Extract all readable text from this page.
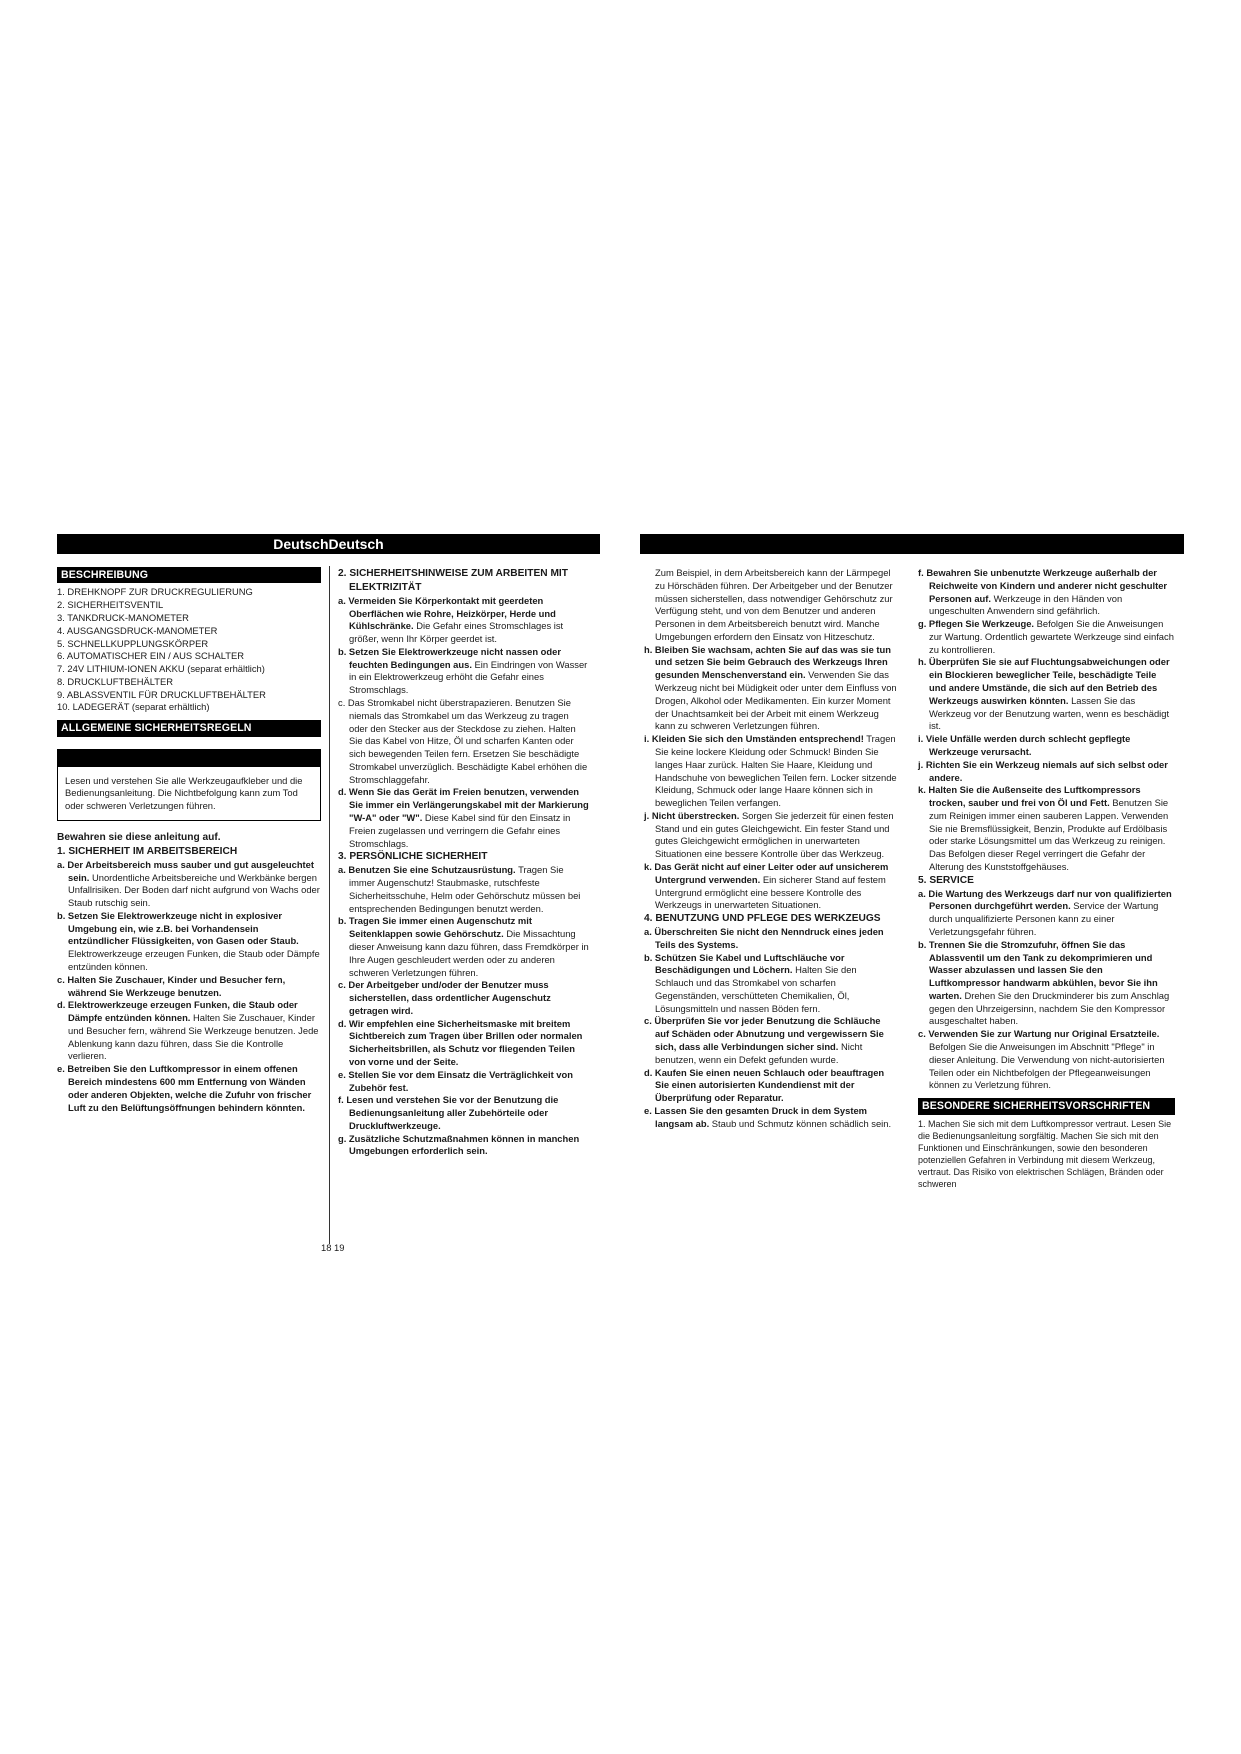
DeutschDeutsch
BESCHREIBUNG

1. DREHKNOPF ZUR DRUCKREGULIERUNG

2. SICHERHEITSVENTIL

3. TANKDRUCK-MANOMETER

4. AUSGANGSDRUCK-MANOMETER

5. SCHNELLKUPPLUNGSKÖRPER

6. AUTOMATISCHER EIN / AUS SCHALTER

7. 24V LITHIUM-IONEN AKKU (separat erhältlich)

8. DRUCKLUFTBEHÄLTER

9. ABLASSVENTIL FÜR DRUCKLUFTBEHÄLTER

10. LADEGERÄT (separat erhältlich)

ALLGEMEINE SICHERHEITSREGELN

Lesen und verstehen Sie alle Werkzeugaufkleber und die Bedienungsanleitung. Die Nichtbefolgung kann zum Tod oder schweren Verletzungen führen.

Bewahren sie diese anleitung auf.

1. SICHERHEIT IM ARBEITSBEREICH

a. Der Arbeitsbereich muss sauber und gut ausgeleuchtet sein. Unordentliche Arbeitsbereiche und Werkbänke bergen Unfallrisiken. Der Boden darf nicht aufgrund von Wachs oder Staub rutschig sein.

b. Setzen Sie Elektrowerkzeuge nicht in explosiver Umgebung ein, wie z.B. bei Vorhandensein entzündlicher Flüssigkeiten, von Gasen oder Staub. Elektrowerkzeuge erzeugen Funken, die Staub oder Dämpfe entzünden können.

c. Halten Sie Zuschauer, Kinder und Besucher fern, während Sie Werkzeuge benutzen.

d. Elektrowerkzeuge erzeugen Funken, die Staub oder Dämpfe entzünden können. Halten Sie Zuschauer, Kinder und Besucher fern, während Sie Werkzeuge benutzen. Jede Ablenkung kann dazu führen, dass Sie die Kontrolle verlieren.

e. Betreiben Sie den Luftkompressor in einem offenen Bereich mindestens 600 mm Entfernung von Wänden oder anderen Objekten, welche die Zufuhr von frischer Luft zu den Belüftungsöffnungen behindern könnten.

18 19

2. SICHERHEITSHINWEISE ZUM ARBEITEN MIT ELEKTRIZITÄT

a. Vermeiden Sie Körperkontakt mit geerdeten Oberflächen wie Rohre, Heizkörper, Herde und Kühlschränke. Die Gefahr eines Stromschlages ist größer, wenn Ihr Körper geerdet ist.

b. Setzen Sie Elektrowerkzeuge nicht nassen oder feuchten Bedingungen aus. Ein Eindringen von Wasser in ein Elektrowerkzeug erhöht die Gefahr eines Stromschlags.

c. Das Stromkabel nicht überstrapazieren. Benutzen Sie niemals das Stromkabel um das Werkzeug zu tragen oder den Stecker aus der Steckdose zu ziehen. Halten Sie das Kabel von Hitze, Öl und scharfen Kanten oder sich bewegenden Teilen fern. Ersetzen Sie beschädigte Stromkabel unverzüglich. Beschädigte Kabel erhöhen die Stromschlaggefahr.

d. Wenn Sie das Gerät im Freien benutzen, verwenden Sie immer ein Verlängerungskabel mit der Markierung "W-A" oder "W". Diese Kabel sind für den Einsatz in Freien zugelassen und verringern die Gefahr eines Stromschlags.

3. PERSÖNLICHE SICHERHEIT

a. Benutzen Sie eine Schutzausrüstung. Tragen Sie immer Augenschutz! Staubmaske, rutschfeste Sicherheitsschuhe, Helm oder Gehörschutz müssen bei entsprechenden Bedingungen benutzt werden.

b. Tragen Sie immer einen Augenschutz mit Seitenklappen sowie Gehörschutz. Die Missachtung dieser Anweisung kann dazu führen, dass Fremdkörper in Ihre Augen geschleudert werden oder zu anderen schweren Verletzungen führen.

c. Der Arbeitgeber und/oder der Benutzer muss sicherstellen, dass ordentlicher Augenschutz getragen wird.

d. Wir empfehlen eine Sicherheitsmaske mit breitem Sichtbereich zum Tragen über Brillen oder normalen Sicherheitsbrillen, als Schutz vor fliegenden Teilen von vorne und der Seite.

e. Stellen Sie vor dem Einsatz die Verträglichkeit von Zubehör fest.

f. Lesen und verstehen Sie vor der Benutzung die Bedienungsanleitung aller Zubehörteile oder Druckluftwerkzeuge.

g. Zusätzliche Schutzmaßnahmen können in manchen Umgebungen erforderlich sein.

Zum Beispiel, in dem Arbeitsbereich kann der Lärmpegel zu Hörschäden führen. Der Arbeitgeber und der Benutzer müssen sicherstellen, dass notwendiger Gehörschutz zur Verfügung steht, und von dem Benutzer und anderen Personen in dem Arbeitsbereich benutzt wird. Manche Umgebungen erfordern den Einsatz von Hitzeschutz.

h. Bleiben Sie wachsam, achten Sie auf das was sie tun und setzen Sie beim Gebrauch des Werkzeugs Ihren gesunden Menschenverstand ein. Verwenden Sie das Werkzeug nicht bei Müdigkeit oder unter dem Einfluss von Drogen, Alkohol oder Medikamenten. Ein kurzer Moment der Unachtsamkeit bei der Arbeit mit einem Werkzeug kann zu schweren Verletzungen führen.

i. Kleiden Sie sich den Umständen entsprechend! Tragen Sie keine lockere Kleidung oder Schmuck! Binden Sie langes Haar zurück. Halten Sie Haare, Kleidung und Handschuhe von beweglichen Teilen fern. Locker sitzende Kleidung, Schmuck oder lange Haare können sich in beweglichen Teilen verfangen.

j. Nicht überstrecken. Sorgen Sie jederzeit für einen festen Stand und ein gutes Gleichgewicht. Ein fester Stand und gutes Gleichgewicht ermöglichen in unerwarteten Situationen eine bessere Kontrolle über das Werkzeug.

k. Das Gerät nicht auf einer Leiter oder auf unsicherem Untergrund verwenden. Ein sicherer Stand auf festem Untergrund ermöglicht eine bessere Kontrolle des Werkzeugs in unerwarteten Situationen.

4. BENUTZUNG UND PFLEGE DES WERKZEUGS

a. Überschreiten Sie nicht den Nenndruck eines jeden Teils des Systems.

b. Schützen Sie Kabel und Luftschläuche vor Beschädigungen und Löchern. Halten Sie den Schlauch und das Stromkabel von scharfen Gegenständen, verschütteten Chemikalien, Öl, Lösungsmitteln und nassen Böden fern.

c. Überprüfen Sie vor jeder Benutzung die Schläuche auf Schäden oder Abnutzung und vergewissern Sie sich, dass alle Verbindungen sicher sind. Nicht benutzen, wenn ein Defekt gefunden wurde.

d. Kaufen Sie einen neuen Schlauch oder beauftragen Sie einen autorisierten Kundendienst mit der Überprüfung oder Reparatur.

e. Lassen Sie den gesamten Druck in dem System langsam ab. Staub und Schmutz können schädlich sein.

f. Bewahren Sie unbenutzte Werkzeuge außerhalb der Reichweite von Kindern und anderer nicht geschulter Personen auf. Werkzeuge in den Händen von ungeschulten Anwendern sind gefährlich.

g. Pflegen Sie Werkzeuge. Befolgen Sie die Anweisungen zur Wartung. Ordentlich gewartete Werkzeuge sind einfach zu kontrollieren.

h. Überprüfen Sie sie auf Fluchtungsabweichungen oder ein Blockieren beweglicher Teile, beschädigte Teile und andere Umstände, die sich auf den Betrieb des Werkzeugs auswirken könnten. Lassen Sie das Werkzeug vor der Benutzung warten, wenn es beschädigt ist.

i. Viele Unfälle werden durch schlecht gepflegte Werkzeuge verursacht.

j. Richten Sie ein Werkzeug niemals auf sich selbst oder andere.

k. Halten Sie die Außenseite des Luftkompressors trocken, sauber und frei von Öl und Fett. Benutzen Sie zum Reinigen immer einen sauberen Lappen. Verwenden Sie nie Bremsflüssigkeit, Benzin, Produkte auf Erdölbasis oder starke Lösungsmittel um das Werkzeug zu reinigen. Das Befolgen dieser Regel verringert die Gefahr der Alterung des Kunststoffgehäuses.

5. SERVICE

a. Die Wartung des Werkzeugs darf nur von qualifizierten Personen durchgeführt werden. Service der Wartung durch unqualifizierte Personen kann zu einer Verletzungsgefahr führen.

b. Trennen Sie die Stromzufuhr, öffnen Sie das Ablassventil um den Tank zu dekomprimieren und Wasser abzulassen und lassen Sie den Luftkompressor handwarm abkühlen, bevor Sie ihn warten. Drehen Sie den Druckminderer bis zum Anschlag gegen den Uhrzeigersinn, nachdem Sie den Kompressor ausgeschaltet haben.

c. Verwenden Sie zur Wartung nur Original Ersatzteile. Befolgen Sie die Anweisungen im Abschnitt "Pflege" in dieser Anleitung. Die Verwendung von nicht-autorisierten Teilen oder ein Nichtbefolgen der Pflegeanweisungen können zu Verletzung führen.

BESONDERE SICHERHEITSVORSCHRIFTEN

1. Machen Sie sich mit dem Luftkompressor vertraut. Lesen Sie die Bedienungsanleitung sorgfältig. Machen Sie sich mit den Funktionen und Einschränkungen, sowie den besonderen potenziellen Gefahren in Verbindung mit diesem Werkzeug, vertraut. Das Risiko von elektrischen Schlägen, Bränden oder schweren
